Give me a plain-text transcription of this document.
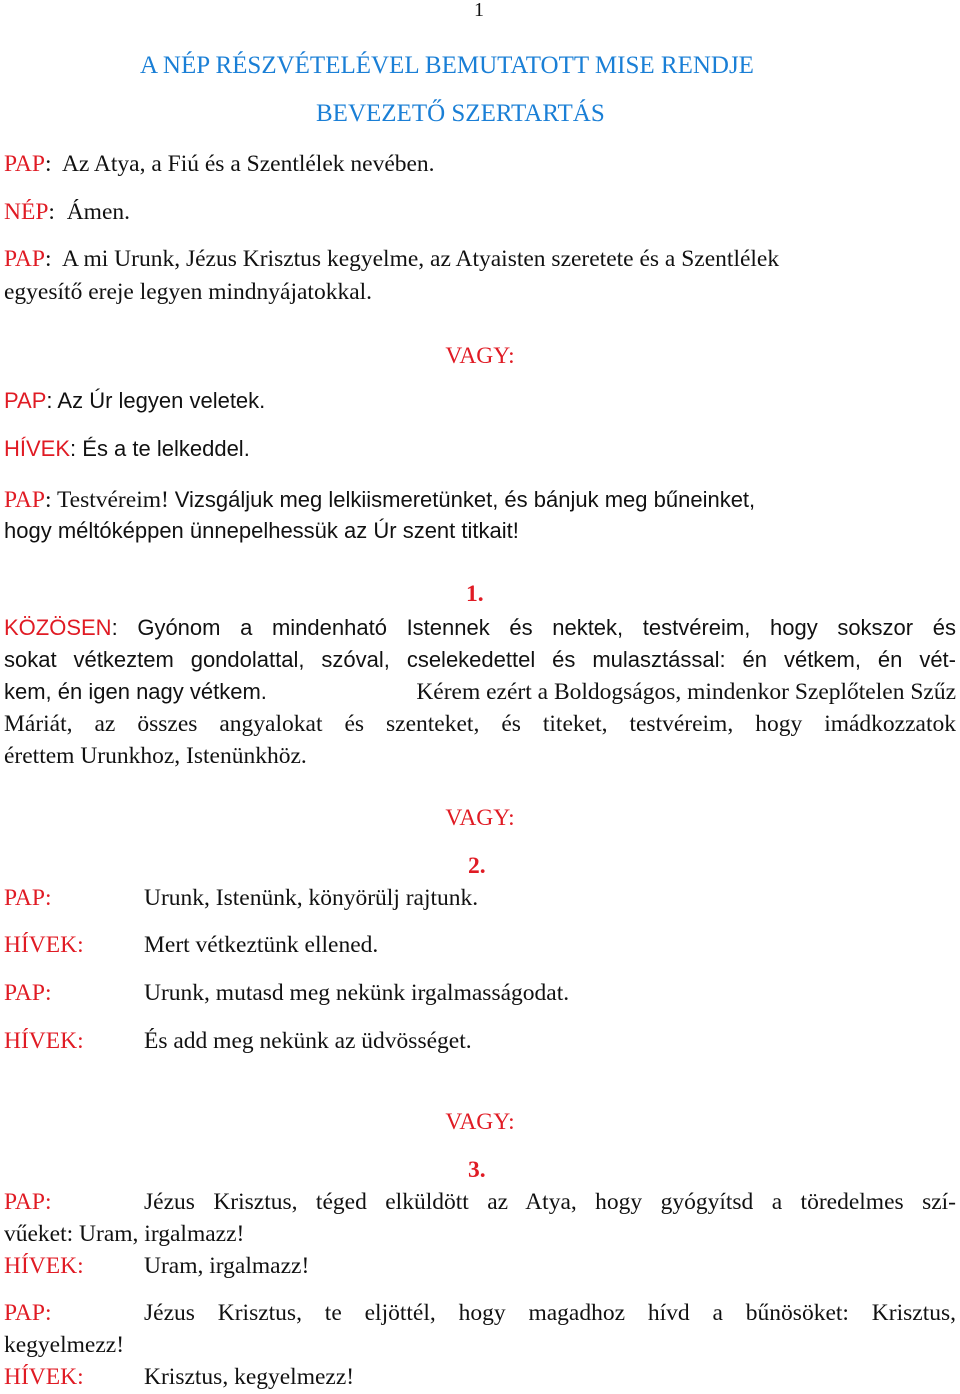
1
A NÉP RÉSZVÉTELÉVEL BEMUTATOTT MISE RENDJE
BEVEZETŐ SZERTARTÁS
PAP:  Az Atya, a Fiú és a Szentlélek nevében.
NÉP:  Ámen.
PAP:  A mi Urunk, Jézus Krisztus kegyelme, az Atyaisten szeretete és a Szentlélek
egyesítő ereje legyen mindnyájatokkal.
VAGY:
PAP: Az Úr legyen veletek.
HÍVEK: És a te lelkeddel.
PAP: Testvéreim! Vizsgáljuk meg lelkiismeretünket, és bánjuk meg bűneinket,
hogy méltóképpen ünnepelhessük az Úr szent titkait!
1.
KÖZÖSEN: Gyónom a mindenható Istennek és nektek, testvéreim, hogy sokszor és
sokat vétkeztem gondolattal, szóval, cselekedettel és mulasztással: én vétkem, én vét-
kem, én igen nagy vétkem.	Kérem ezért a Boldogságos, mindenkor Szeplőtelen Szűz
Máriát, az összes angyalokat és szenteket, és titeket, testvéreim, hogy imádkozzatok
érettem Urunkhoz, Istenünkhöz.
VAGY:
2.
PAP:	Urunk, Istenünk, könyörülj rajtunk.
HÍVEK:	Mert vétkeztünk ellened.
PAP:	Urunk, mutasd meg nekünk irgalmasságodat.
HÍVEK:	És add meg nekünk az üdvösséget.
VAGY:
3.
PAP:	Jézus Krisztus, téged elküldött az Atya, hogy gyógyítsd a töredelmes szí-
vűeket: Uram, irgalmazz!
HÍVEK:	Uram, irgalmazz!
PAP:	Jézus Krisztus, te eljöttél, hogy magadhoz hívd a bűnösöket: Krisztus,
kegyelmezz!
HÍVEK:	Krisztus, kegyelmezz!
